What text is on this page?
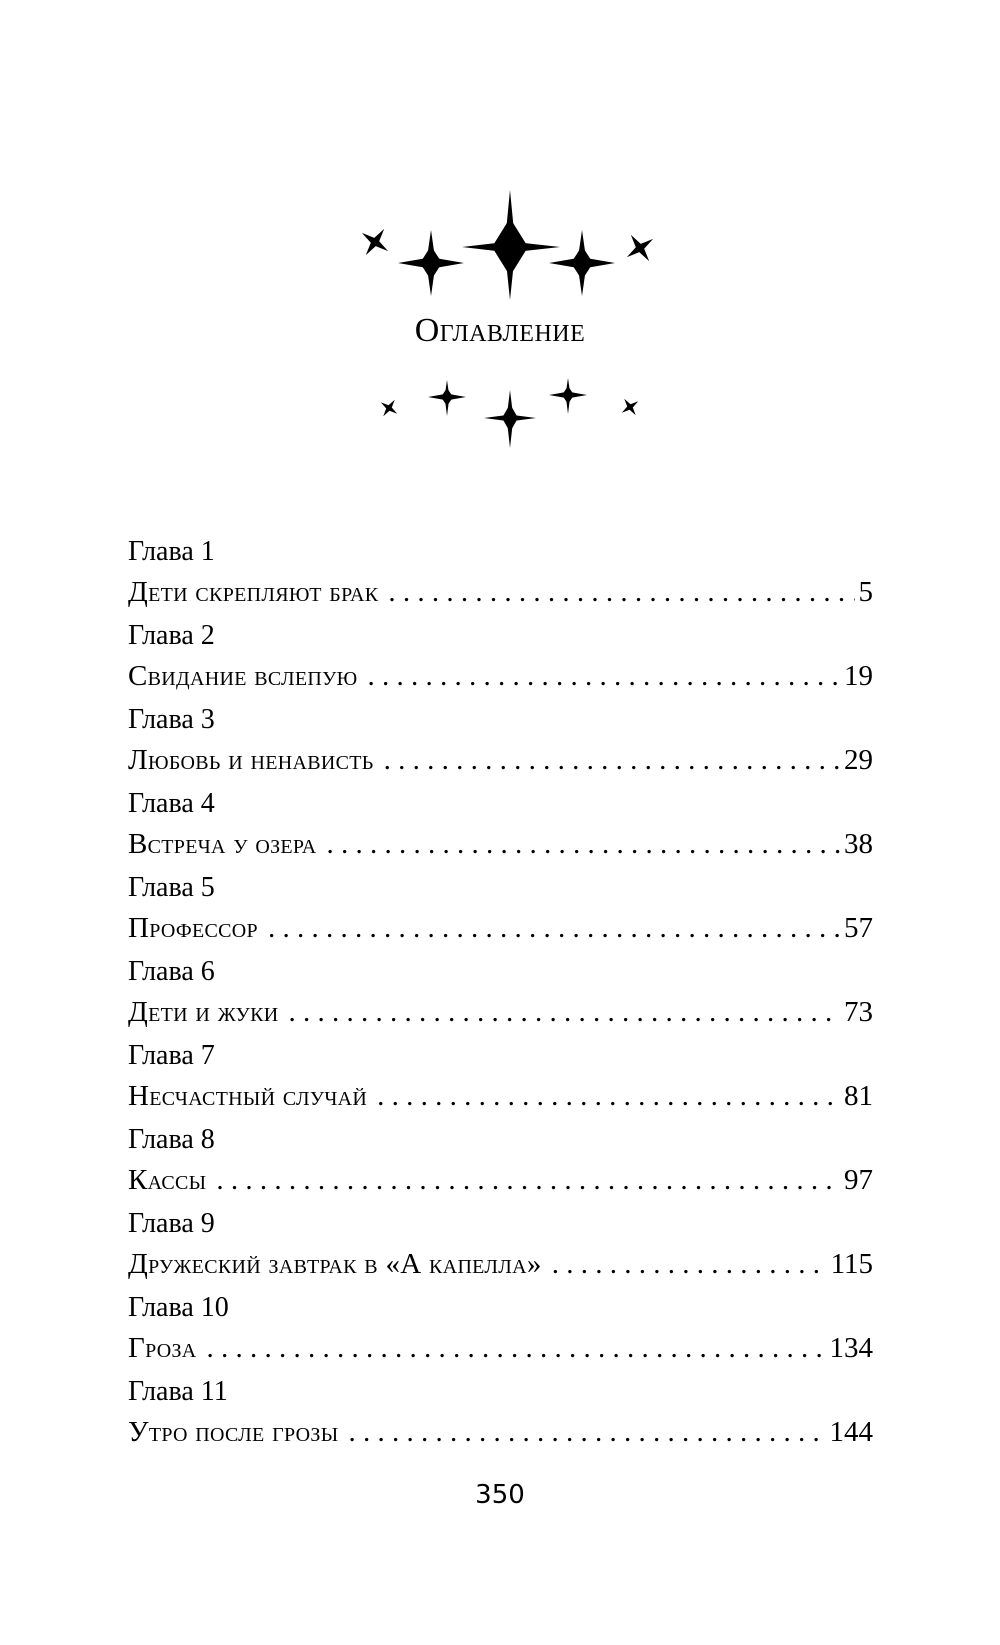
Оглавление
Глава 1
Дети скрепляют брак . . .	5
Глава 2
Свидание вслепую . . .	19
Глава 3
Любовь и ненависть . . .	29
Глава 4
Встреча у озера . . .	38
Глава 5
Профессор . . .	57
Глава 6
Дети и жуки . . .	73
Глава 7
Несчастный случай . . .	81
Глава 8
Кассы . . .	97
Глава 9
Дружеский завтрак в «А капелла» . . .	115
Глава 10
Гроза . . .	134
Глава 11
Утро после грозы . . .	144
350
